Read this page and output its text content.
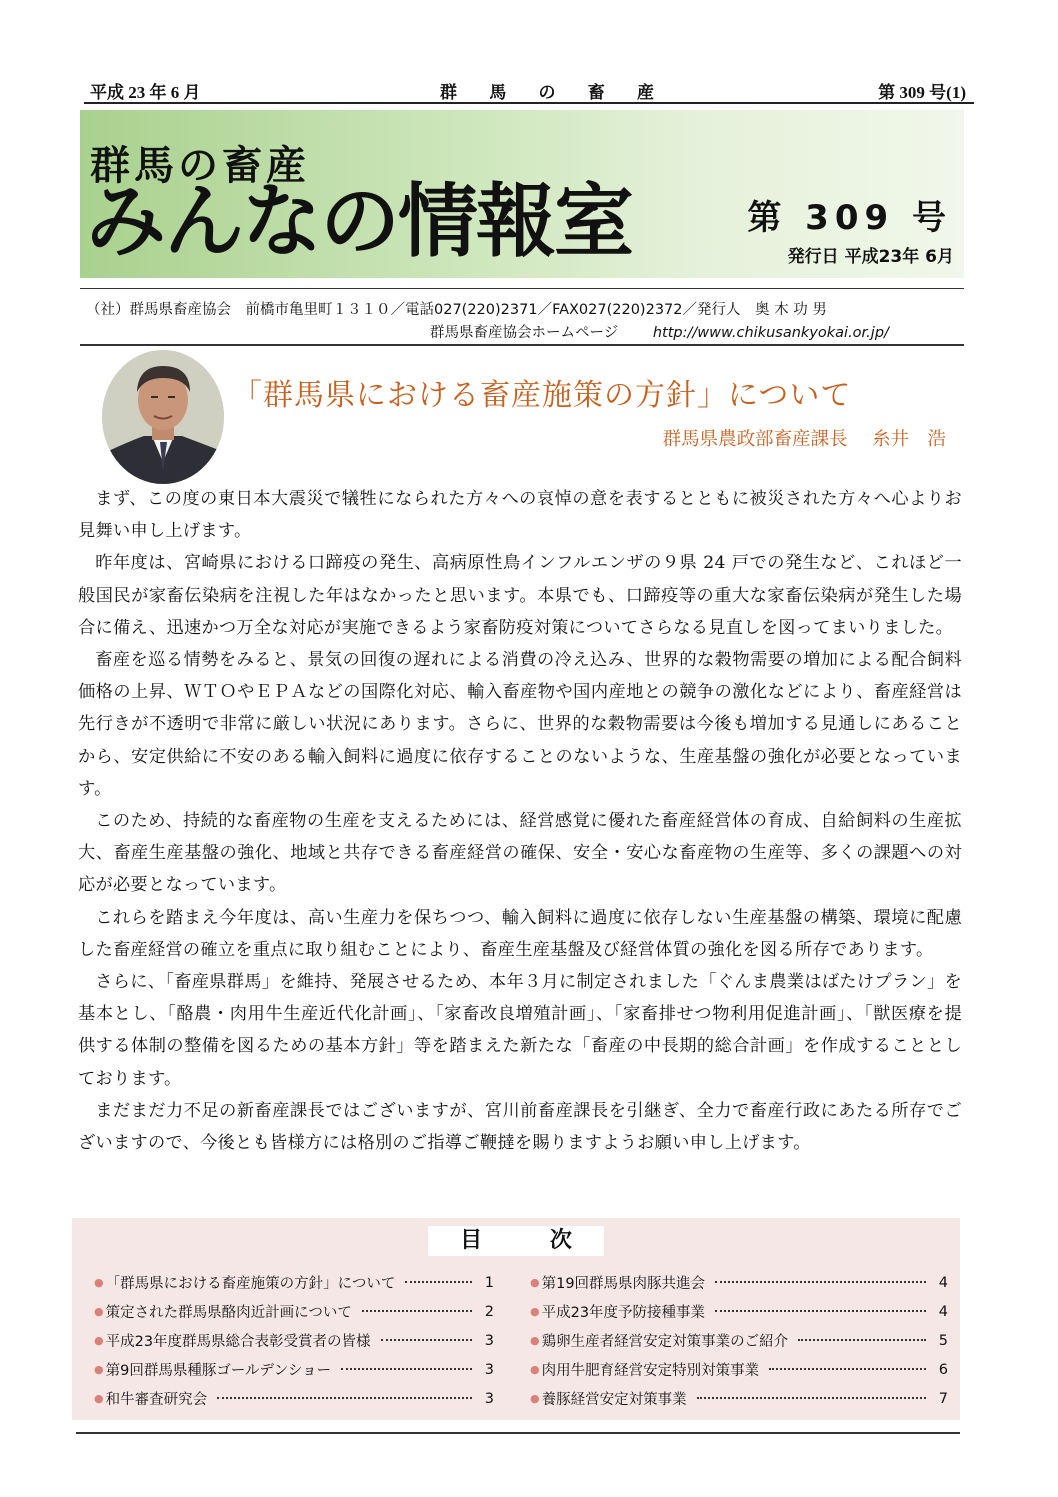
平成 23 年 6 月	群 馬 の 畜 産	第 309 号(1)
群馬の畜産
みんなの情報室	第 309 号
発行日 平成23年 6月
（社）群馬県畜産協会　前橋市亀里町１３１０／電話027(220)2371／FAX027(220)2372／発行人　奥 木 功 男
群馬県畜産協会ホームページ http://www.chikusankyokai.or.jp/
「群馬県における畜産施策の方針」について
群馬県農政部畜産課長　 糸井　浩

まず、この度の東日本大震災で犠牲になられた方々への哀悼の意を表するとともに被災された方々へ心よりお見舞い申し上げます。

昨年度は、宮崎県における口蹄疫の発生、高病原性鳥インフルエンザの９県 24 戸での発生など、これほど一般国民が家畜伝染病を注視した年はなかったと思います。本県でも、口蹄疫等の重大な家畜伝染病が発生した場合に備え、迅速かつ万全な対応が実施できるよう家畜防疫対策についてさらなる見直しを図ってまいりました。

畜産を巡る情勢をみると、景気の回復の遅れによる消費の冷え込み、世界的な穀物需要の増加による配合飼料価格の上昇、ＷＴＯやＥＰＡなどの国際化対応、輸入畜産物や国内産地との競争の激化などにより、畜産経営は先行きが不透明で非常に厳しい状況にあります。さらに、世界的な穀物需要は今後も増加する見通しにあることから、安定供給に不安のある輸入飼料に過度に依存することのないような、生産基盤の強化が必要となっています。

このため、持続的な畜産物の生産を支えるためには、経営感覚に優れた畜産経営体の育成、自給飼料の生産拡大、畜産生産基盤の強化、地域と共存できる畜産経営の確保、安全・安心な畜産物の生産等、多くの課題への対応が必要となっています。

これらを踏まえ今年度は、高い生産力を保ちつつ、輸入飼料に過度に依存しない生産基盤の構築、環境に配慮した畜産経営の確立を重点に取り組むことにより、畜産生産基盤及び経営体質の強化を図る所存であります。

さらに、「畜産県群馬」を維持、発展させるため、本年３月に制定されました「ぐんま農業はばたけプラン」を基本とし、「酪農・肉用牛生産近代化計画」、「家畜改良増殖計画」、「家畜排せつ物利用促進計画」、「獣医療を提供する体制の整備を図るための基本方針」等を踏まえた新たな「畜産の中長期的総合計画」を作成することとしております。

まだまだ力不足の新畜産課長ではございますが、宮川前畜産課長を引継ぎ、全力で畜産行政にあたる所存でございますので、今後とも皆様方には格別のご指導ご鞭撻を賜りますようお願い申し上げます。

目 次
● 「群馬県における畜産施策の方針」について	1
● 策定された群馬県酪肉近計画について	2
● 平成23年度群馬県総合表彰受賞者の皆様	3
● 第9回群馬県種豚ゴールデンショー	3
● 和牛審査研究会	3
● 第19回群馬県肉豚共進会	4
● 平成23年度予防接種事業	4
● 鶏卵生産者経営安定対策事業のご紹介	5
● 肉用牛肥育経営安定特別対策事業	6
● 養豚経営安定対策事業	7
